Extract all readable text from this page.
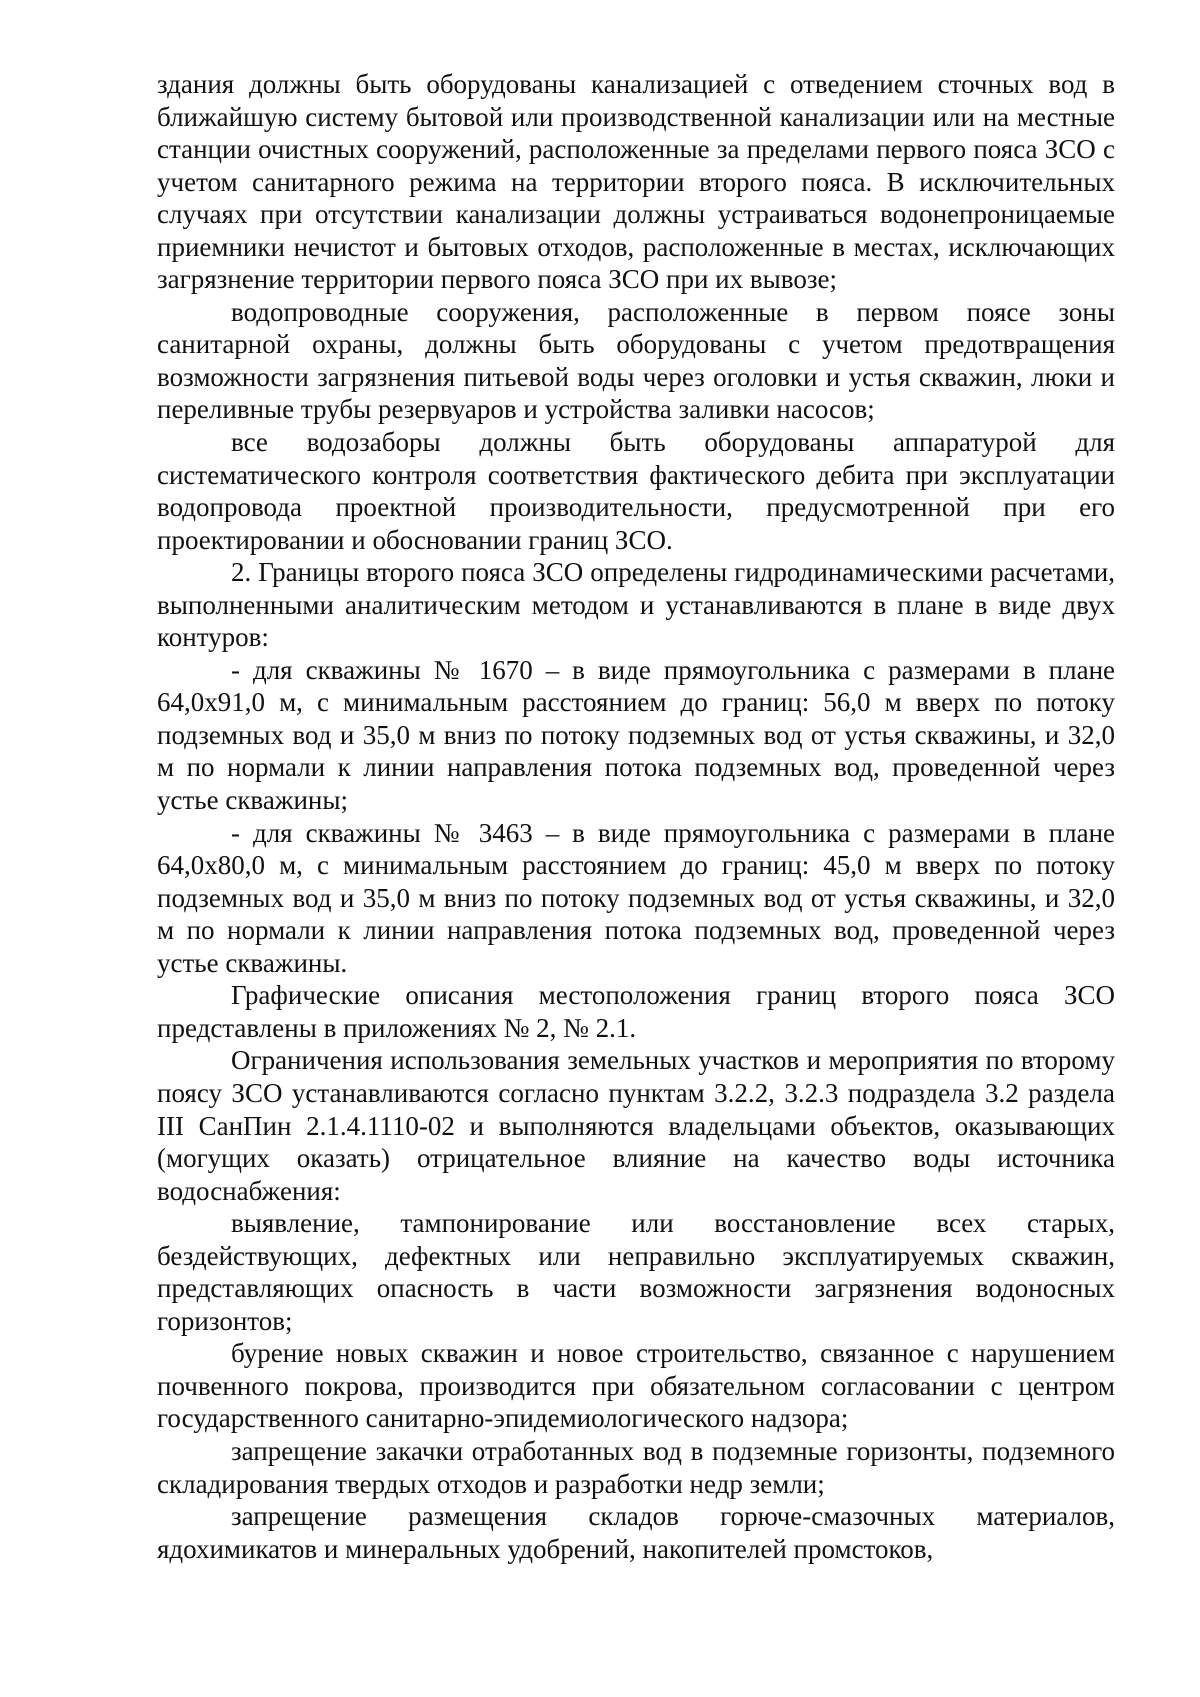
здания должны быть оборудованы канализацией с отведением сточных вод в ближайшую систему бытовой или производственной канализации или на местные станции очистных сооружений, расположенные за пределами первого пояса ЗСО с учетом санитарного режима на территории второго пояса. В исключительных случаях при отсутствии канализации должны устраиваться водонепроницаемые приемники нечистот и бытовых отходов, расположенные в местах, исключающих загрязнение территории первого пояса ЗСО при их вывозе;

водопроводные сооружения, расположенные в первом поясе зоны санитарной охраны, должны быть оборудованы с учетом предотвращения возможности загрязнения питьевой воды через оголовки и устья скважин, люки и переливные трубы резервуаров и устройства заливки насосов;

все водозаборы должны быть оборудованы аппаратурой для систематического контроля соответствия фактического дебита при эксплуатации водопровода проектной производительности, предусмотренной при его проектировании и обосновании границ ЗСО.

2. Границы второго пояса ЗСО определены гидродинамическими расчетами, выполненными аналитическим методом и устанавливаются в плане в виде двух контуров:

- для скважины № 1670 – в виде прямоугольника с размерами в плане 64,0х91,0 м, с минимальным расстоянием до границ: 56,0 м вверх по потоку подземных вод и 35,0 м вниз по потоку подземных вод от устья скважины, и 32,0 м по нормали к линии направления потока подземных вод, проведенной через устье скважины;

- для скважины № 3463 – в виде прямоугольника с размерами в плане 64,0х80,0 м, с минимальным расстоянием до границ: 45,0 м вверх по потоку подземных вод и 35,0 м вниз по потоку подземных вод от устья скважины, и 32,0 м по нормали к линии направления потока подземных вод, проведенной через устье скважины.

Графические описания местоположения границ второго пояса ЗСО представлены в приложениях № 2, № 2.1.

Ограничения использования земельных участков и мероприятия по второму поясу ЗСО устанавливаются согласно пунктам 3.2.2, 3.2.3 подраздела 3.2 раздела III СанПин 2.1.4.1110-02 и выполняются владельцами объектов, оказывающих (могущих оказать) отрицательное влияние на качество воды источника водоснабжения:

выявление, тампонирование или восстановление всех старых, бездействующих, дефектных или неправильно эксплуатируемых скважин, представляющих опасность в части возможности загрязнения водоносных горизонтов;

бурение новых скважин и новое строительство, связанное с нарушением почвенного покрова, производится при обязательном согласовании с центром государственного санитарно-эпидемиологического надзора;

запрещение закачки отработанных вод в подземные горизонты, подземного складирования твердых отходов и разработки недр земли;

запрещение размещения складов горюче-смазочных материалов, ядохимикатов и минеральных удобрений, накопителей промстоков,
